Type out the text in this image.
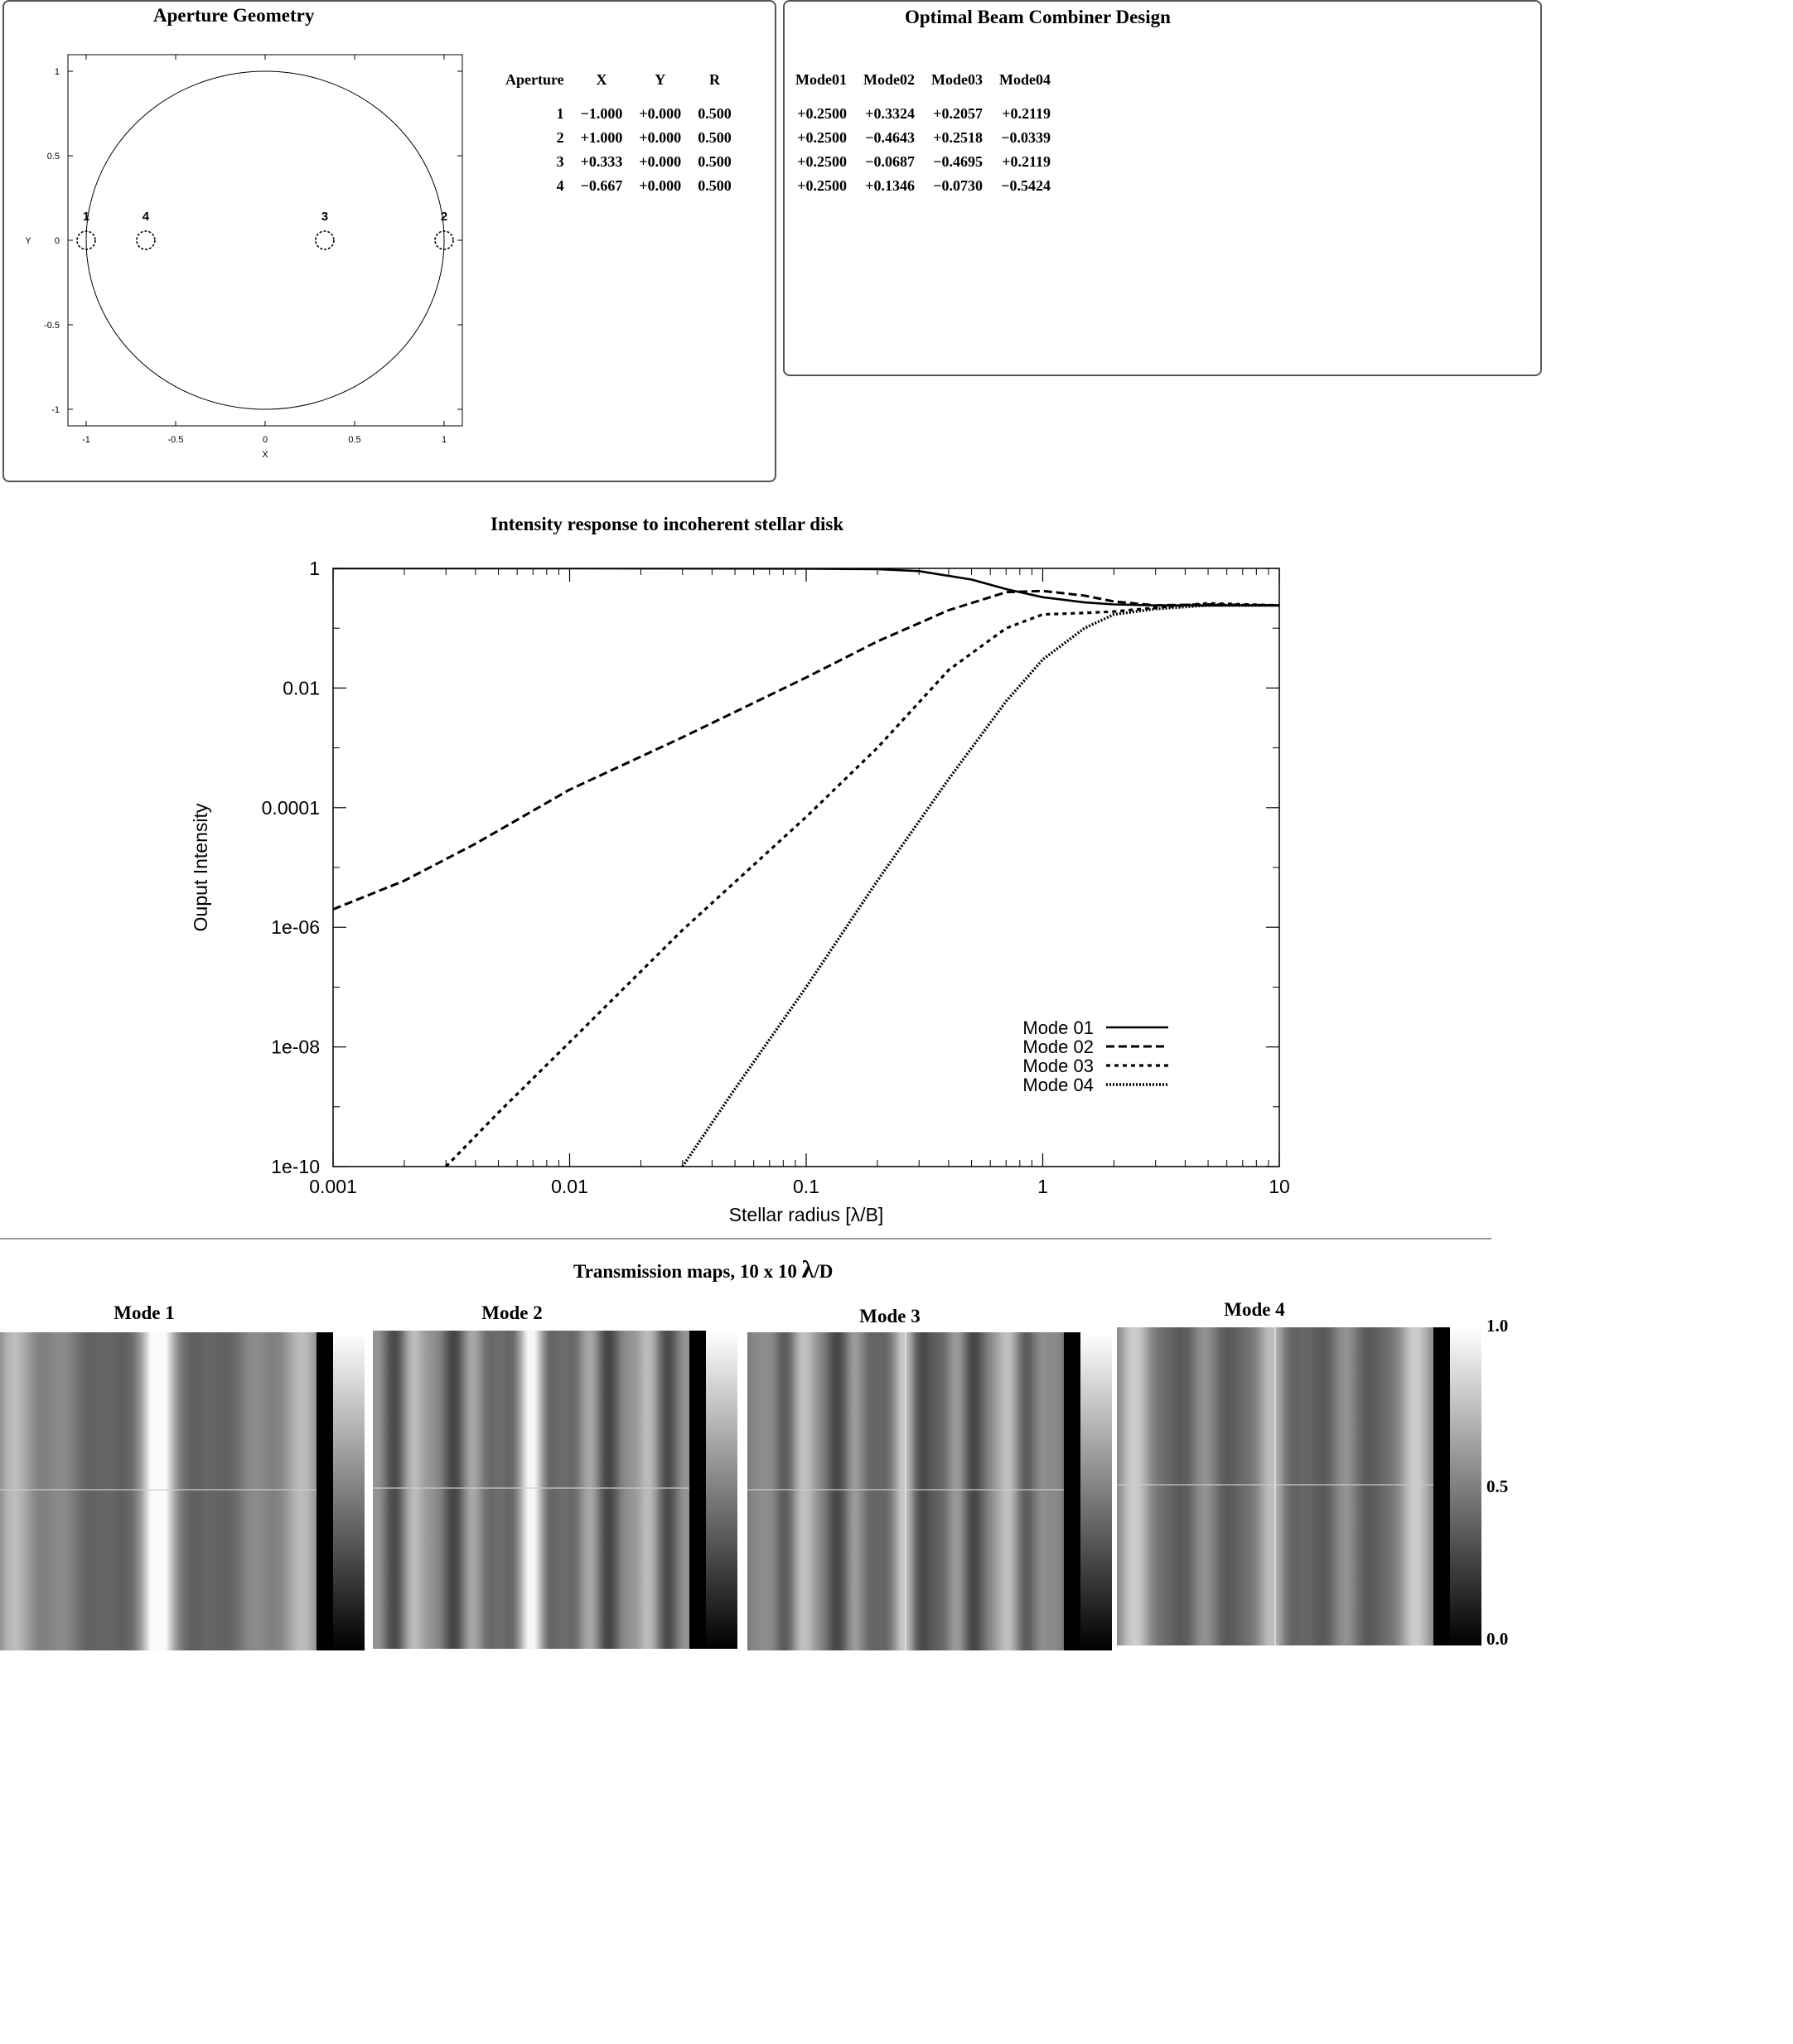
Aperture Geometry
-1	-0.5	0	0.5	1
1
0.5
0
-0.5
-1
X
Y
1	4	3	2
Aperture	X	Y	R
1	−1.000	+0.000	0.500
2	+1.000	+0.000	0.500
3	+0.333	+0.000	0.500
4	−0.667	+0.000	0.500
Optimal Beam Combiner Design
Mode01	Mode02	Mode03	Mode04
+0.2500	+0.3324	+0.2057	+0.2119
+0.2500	−0.4643	+0.2518	−0.0339
+0.2500	−0.0687	−0.4695	+0.2119
+0.2500	+0.1346	−0.0730	−0.5424
Intensity response to incoherent stellar disk
0.001	0.01	0.1	1	10
1
0.01
0.0001
1e-06
1e-08
1e-10
Stellar radius [λ/B]
Ouput Intensity
Mode 01
Mode 02
Mode 03
Mode 04
Transmission maps, 10 x 10 λ/D
Mode 1	Mode 2	Mode 3	Mode 4
1.0
0.5
0.0
